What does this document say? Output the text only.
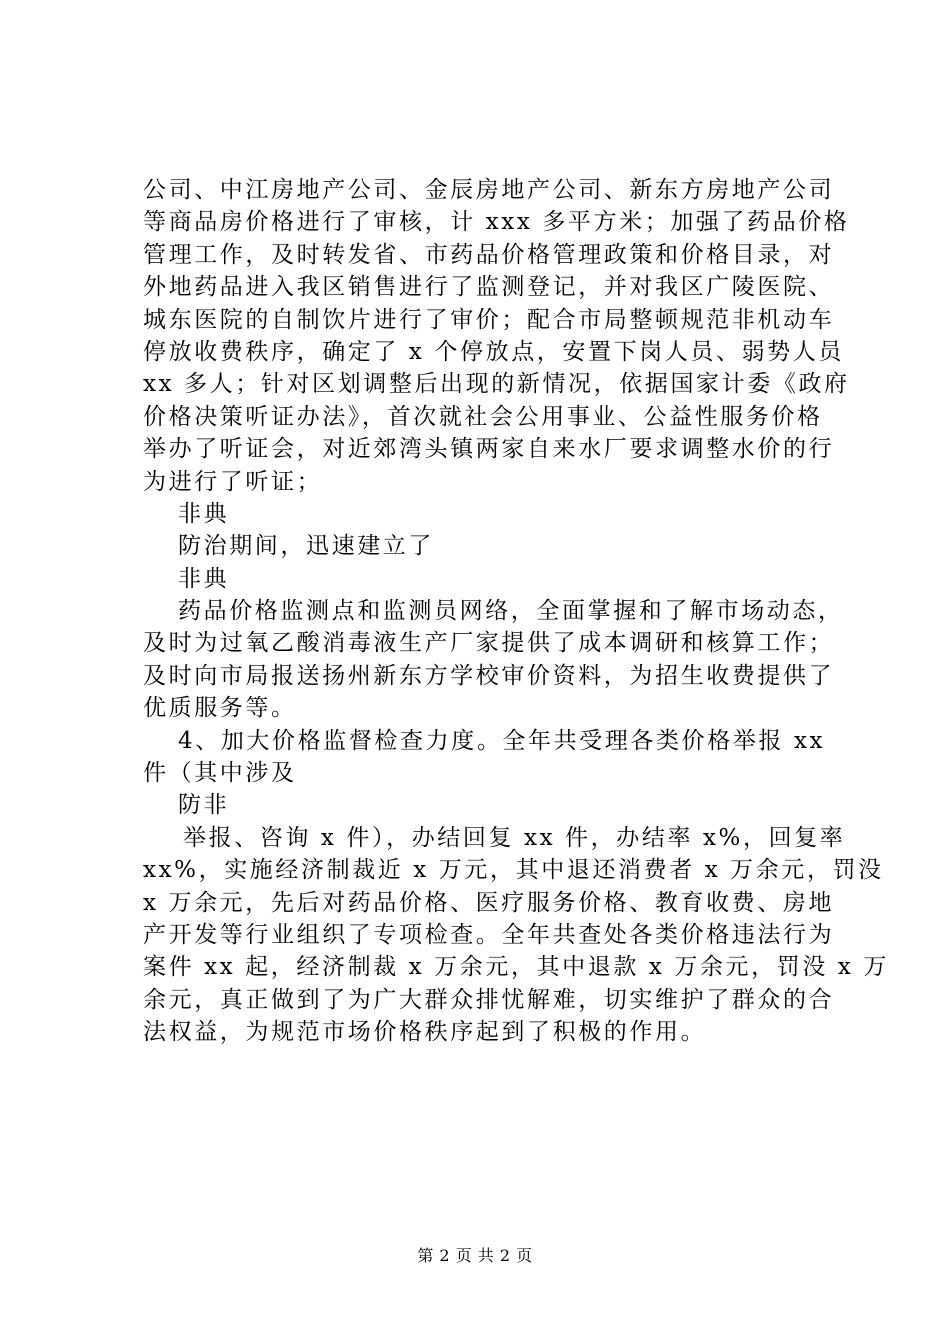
公司、中江房地产公司、金辰房地产公司、新东方房地产公司
等商品房价格进行了审核，计 xxx 多平方米；加强了药品价格
管理工作，及时转发省、市药品价格管理政策和价格目录，对
外地药品进入我区销售进行了监测登记，并对我区广陵医院、
城东医院的自制饮片进行了审价；配合市局整顿规范非机动车
停放收费秩序，确定了 x 个停放点，安置下岗人员、弱势人员
xx 多人；针对区划调整后出现的新情况，依据国家计委《政府
价格决策听证办法》，首次就社会公用事业、公益性服务价格
举办了听证会，对近郊湾头镇两家自来水厂要求调整水价的行
为进行了听证；
非典
防治期间，迅速建立了
非典
药品价格监测点和监测员网络，全面掌握和了解市场动态，
及时为过氧乙酸消毒液生产厂家提供了成本调研和核算工作；
及时向市局报送扬州新东方学校审价资料，为招生收费提供了
优质服务等。
4、加大价格监督检查力度。全年共受理各类价格举报 xx
件（其中涉及
防非
举报、咨询 x 件），办结回复 xx 件，办结率 x%，回复率
xx%，实施经济制裁近 x 万元，其中退还消费者 x 万余元，罚没
x 万余元，先后对药品价格、医疗服务价格、教育收费、房地
产开发等行业组织了专项检查。全年共查处各类价格违法行为
案件 xx 起，经济制裁 x 万余元，其中退款 x 万余元，罚没 x 万
余元，真正做到了为广大群众排忧解难，切实维护了群众的合
法权益，为规范市场价格秩序起到了积极的作用。
第 2 页 共 2 页
